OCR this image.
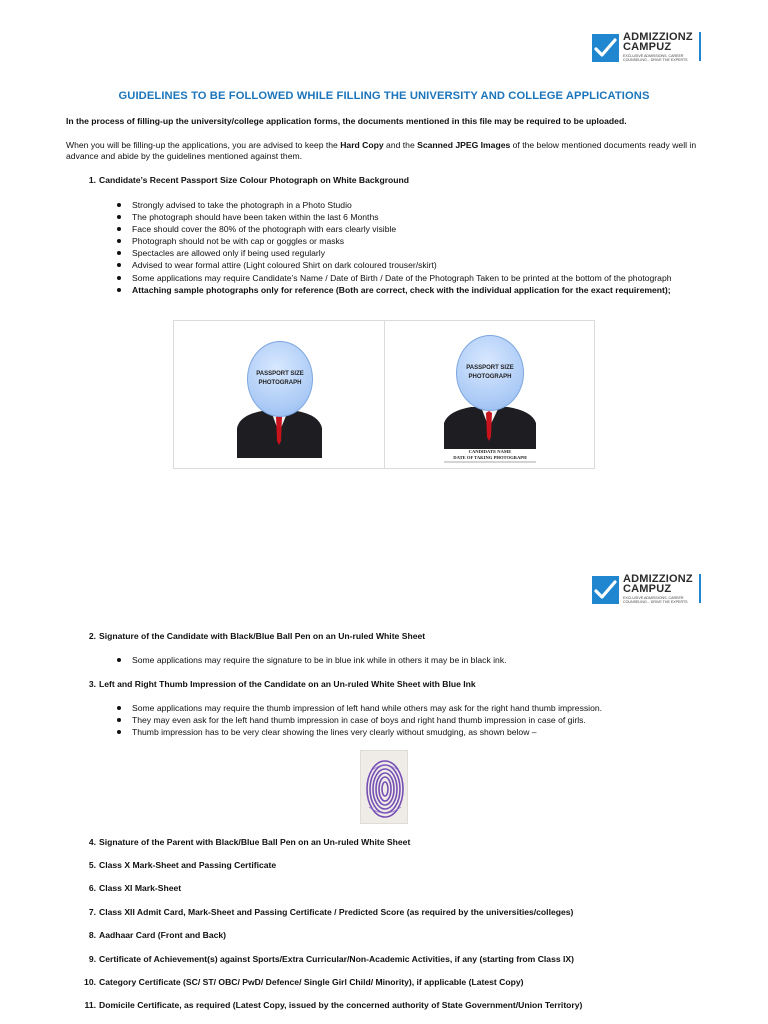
ADMIZZIONZ
CAMPUZ
EXCLUSIVE ADMISSIONS, CAREER COUNSELING... DRIVE THE EXPERTS
GUIDELINES TO BE FOLLOWED WHILE FILLING THE UNIVERSITY AND COLLEGE APPLICATIONS
In the process of filling-up the university/college application forms, the documents mentioned in this file may be required to be uploaded.
When you will be filling-up the applications, you are advised to keep the Hard Copy and the Scanned JPEG Images of the below mentioned documents ready well in advance and abide by the guidelines mentioned against them.
1. Candidate’s Recent Passport Size Colour Photograph on White Background
Strongly advised to take the photograph in a Photo Studio
The photograph should have been taken within the last 6 Months
Face should cover the 80% of the photograph with ears clearly visible
Photograph should not be with cap or goggles or masks
Spectacles are allowed only if being used regularly
Advised to wear formal attire (Light coloured Shirt on dark coloured trouser/skirt)
Some applications may require Candidate’s Name / Date of Birth / Date of the Photograph Taken to be printed at the bottom of the photograph
Attaching sample photographs only for reference (Both are correct, check with the individual application for the exact requirement);
PASSPORT SIZE
PHOTOGRAPH
PASSPORT SIZE
PHOTOGRAPH
CANDIDATE NAME
DATE OF TAKING PHOTOGRAPH
ADMIZZIONZ
CAMPUZ
EXCLUSIVE ADMISSIONS, CAREER COUNSELING... DRIVE THE EXPERTS
2. Signature of the Candidate with Black/Blue Ball Pen on an Un-ruled White Sheet
Some applications may require the signature to be in blue ink while in others it may be in black ink.
3. Left and Right Thumb Impression of the Candidate on an Un-ruled White Sheet with Blue Ink
Some applications may require the thumb impression of left hand while others may ask for the right hand thumb impression.
They may even ask for the left hand thumb impression in case of boys and right hand thumb impression in case of girls.
Thumb impression has to be very clear showing the lines very clearly without smudging, as shown below –
4. Signature of the Parent with Black/Blue Ball Pen on an Un-ruled White Sheet
5. Class X Mark-Sheet and Passing Certificate
6. Class XI Mark-Sheet
7. Class XII Admit Card, Mark-Sheet and Passing Certificate / Predicted Score (as required by the universities/colleges)
8. Aadhaar Card (Front and Back)
9. Certificate of Achievement(s) against Sports/Extra Curricular/Non-Academic Activities, if any (starting from Class IX)
10. Category Certificate (SC/ ST/ OBC/ PwD/ Defence/ Single Girl Child/ Minority), if applicable (Latest Copy)
11. Domicile Certificate, as required (Latest Copy, issued by the concerned authority of State Government/Union Territory)
